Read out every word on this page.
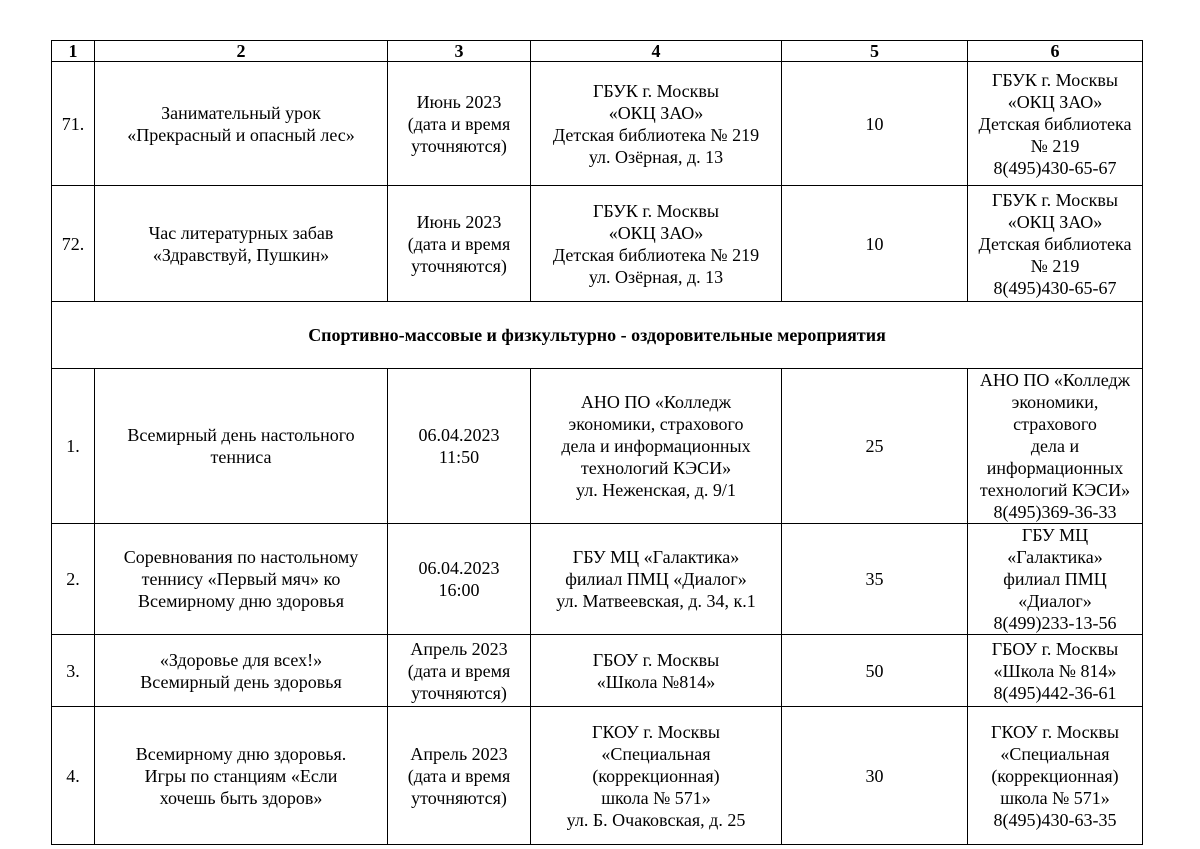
1	2	3	4	5	6
71.	Занимательный урок
«Прекрасный и опасный лес»	Июнь 2023
(дата и время
уточняются)	ГБУК г. Москвы
«ОКЦ ЗАО»
Детская библиотека № 219
ул. Озёрная, д. 13	10	ГБУК г. Москвы
«ОКЦ ЗАО»
Детская библиотека
№ 219
8(495)430-65-67

72.	Час литературных забав
«Здравствуй, Пушкин»	Июнь 2023
(дата и время
уточняются)	ГБУК г. Москвы
«ОКЦ ЗАО»
Детская библиотека № 219
ул. Озёрная, д. 13	10	ГБУК г. Москвы
«ОКЦ ЗАО»
Детская библиотека
№ 219
8(495)430-65-67

Спортивно-массовые и физкультурно - оздоровительные мероприятия					
1.	Всемирный день настольного
тенниса	06.04.2023
11:50	АНО ПО «Колледж
экономики, страхового
дела и информационных
технологий КЭСИ»
ул. Неженская, д. 9/1	25	АНО ПО «Колледж
экономики, страхового
дела и информационных
технологий КЭСИ»
8(495)369-36-33

2.	Соревнования по настольному
теннису «Первый мяч» ко
Всемирному дню здоровья	06.04.2023
16:00	ГБУ МЦ «Галактика»
филиал ПМЦ «Диалог»
ул. Матвеевская, д. 34, к.1	35	ГБУ МЦ «Галактика»
филиал ПМЦ «Диалог»
8(499)233-13-56

3.	«Здоровье для всех!»
Всемирный день здоровья	Апрель 2023
(дата и время
уточняются)	ГБОУ г. Москвы
«Школа №814»	50	ГБОУ г. Москвы
«Школа № 814»
8(495)442-36-61

4.	Всемирному дню здоровья.
Игры по станциям «Если
хочешь быть здоров»	Апрель 2023
(дата и время
уточняются)	ГКОУ г. Москвы
«Специальная
(коррекционная)
школа № 571»
ул. Б. Очаковская, д. 25	30	ГКОУ г. Москвы
«Специальная
(коррекционная)
школа № 571»
8(495)430-63-35
